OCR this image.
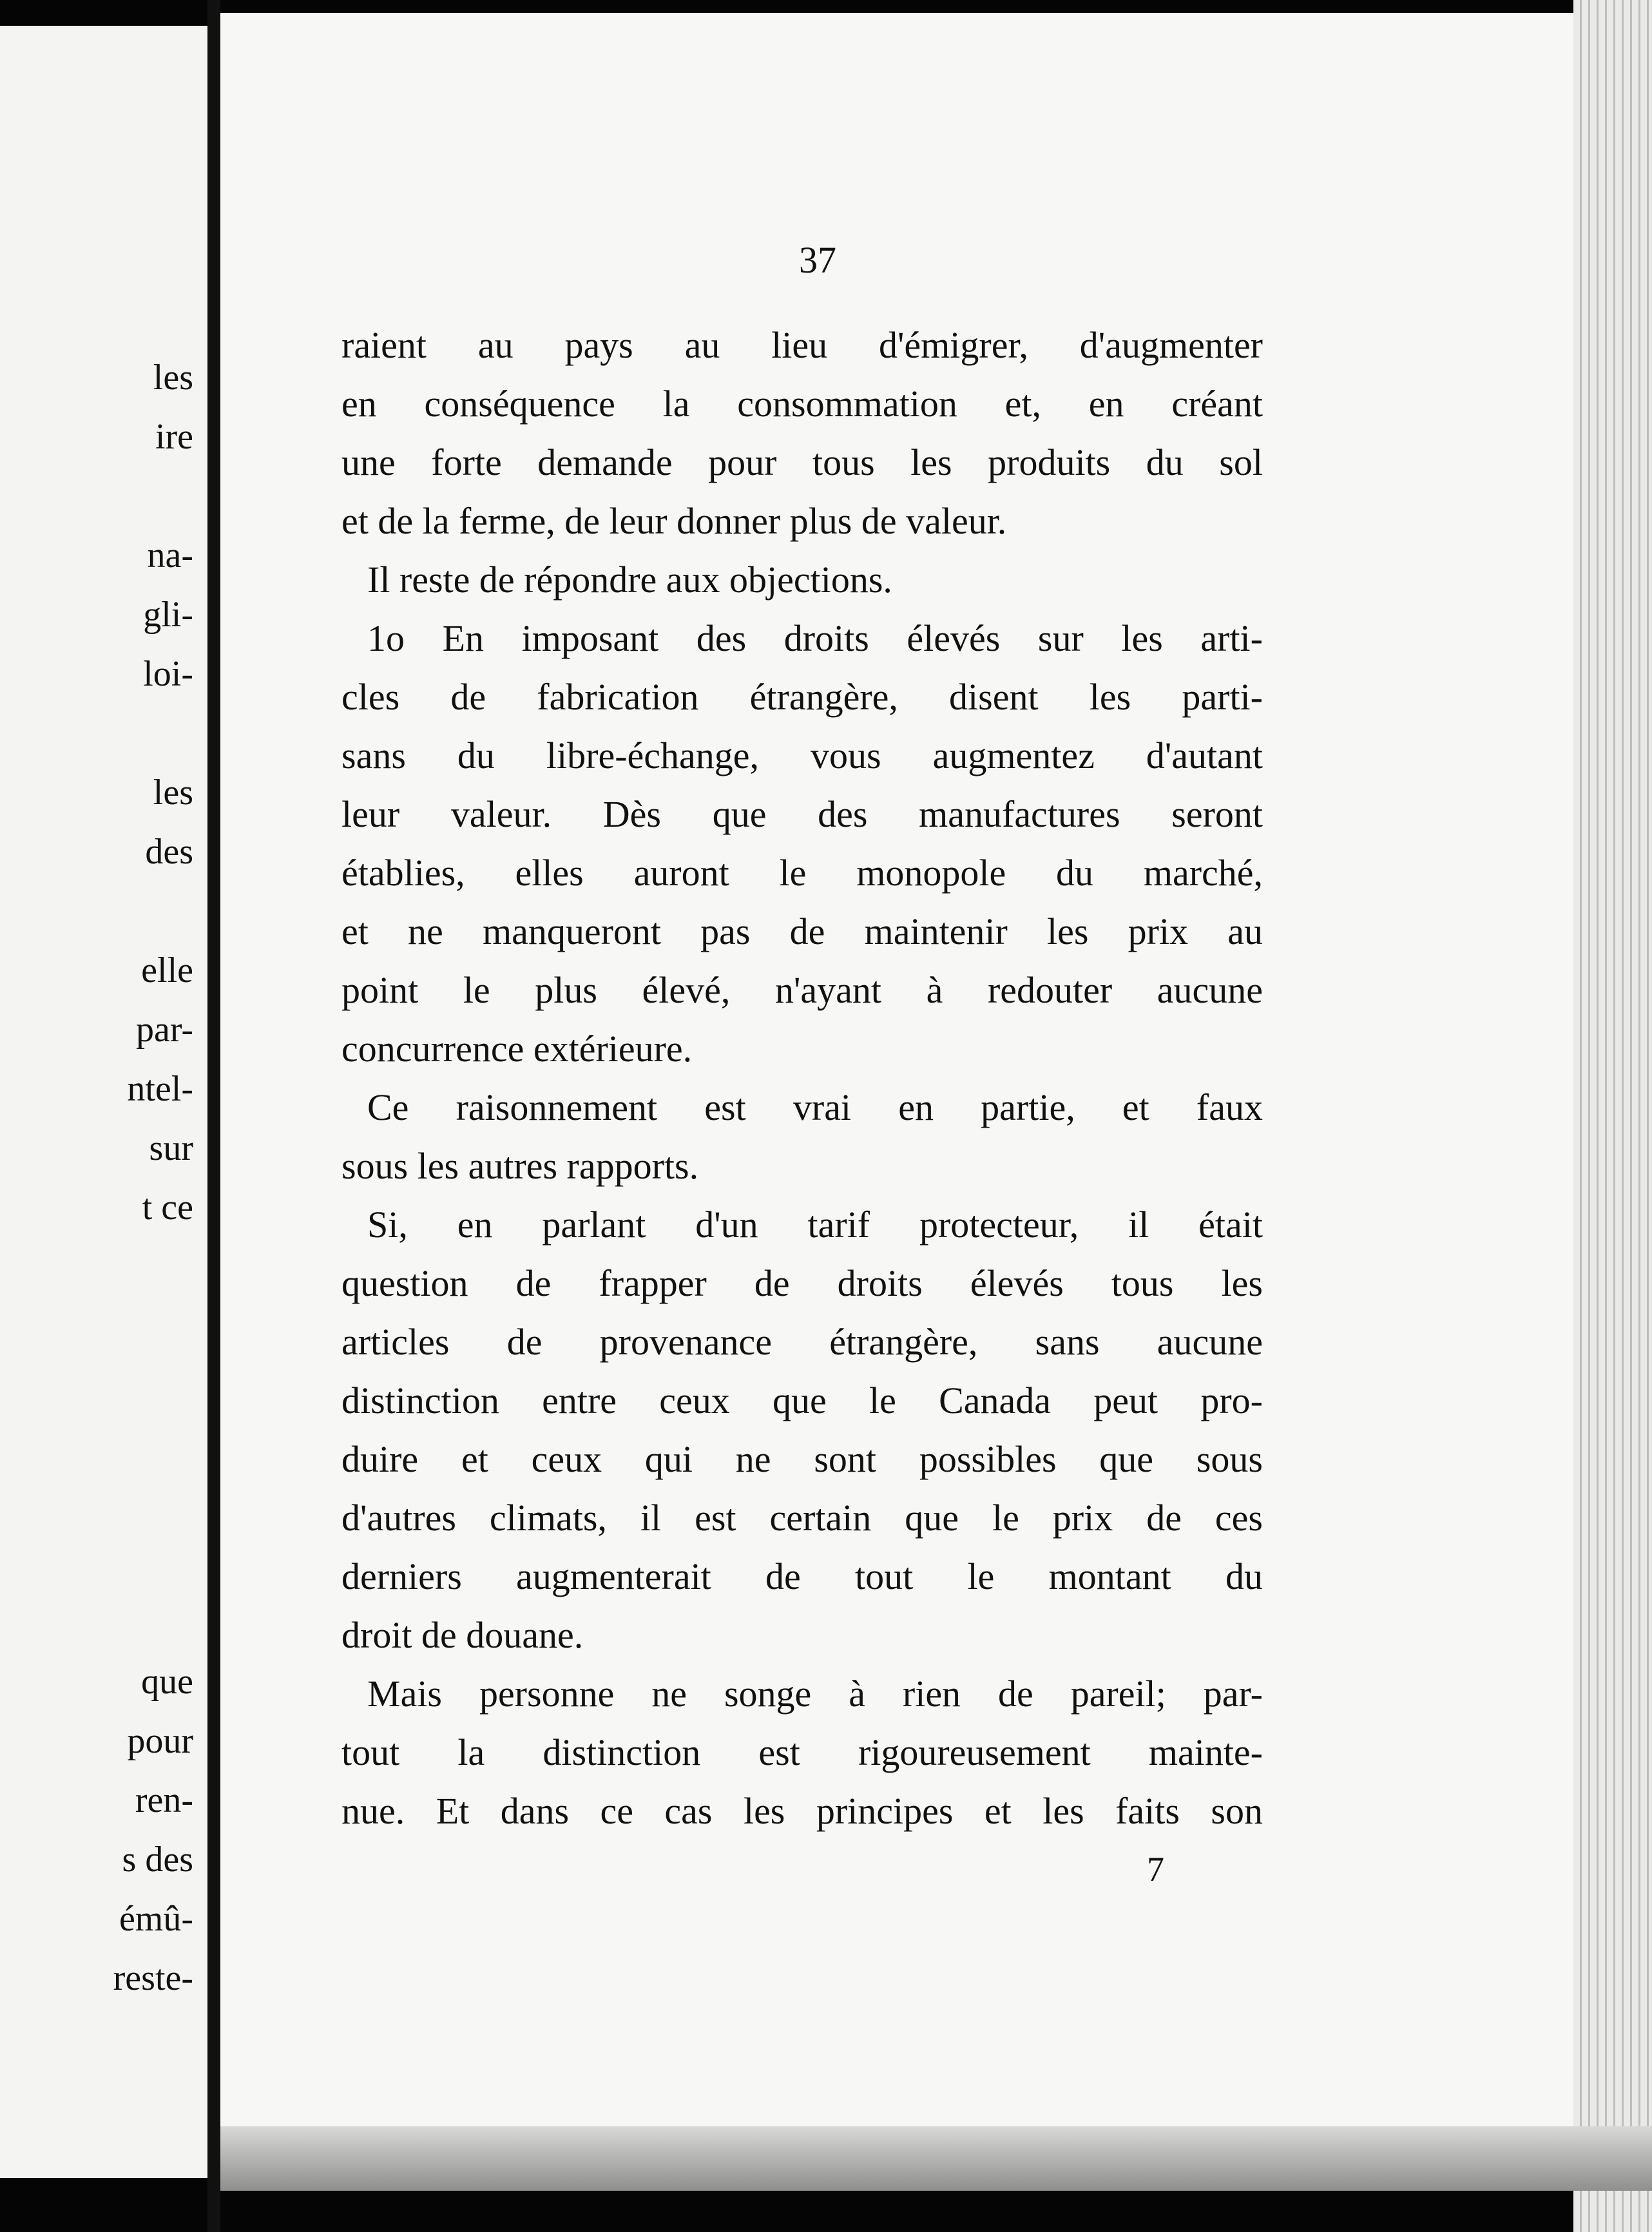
les
ire
na-
gli-
loi-
les
des
elle
par-
ntel-
sur
t ce
que
pour
ren-
s des
émû-
reste-
37
raient au pays au lieu d'émigrer, d'augmenter
en conséquence la consommation et, en créant
une forte demande pour tous les produits du sol
et de la ferme, de leur donner plus de valeur.
Il reste de répondre aux objections.
1o En imposant des droits élevés sur les arti-
cles de fabrication étrangère, disent les parti-
sans du libre-échange, vous augmentez d'autant
leur valeur. Dès que des manufactures seront
établies, elles auront le monopole du marché,
et ne manqueront pas de maintenir les prix au
point le plus élevé, n'ayant à redouter aucune
concurrence extérieure.
Ce raisonnement est vrai en partie, et faux
sous les autres rapports.
Si, en parlant d'un tarif protecteur, il était
question de frapper de droits élevés tous les
articles de provenance étrangère, sans aucune
distinction entre ceux que le Canada peut pro-
duire et ceux qui ne sont possibles que sous
d'autres climats, il est certain que le prix de ces
derniers augmenterait de tout le montant du
droit de douane.
Mais personne ne songe à rien de pareil; par-
tout la distinction est rigoureusement mainte-
nue. Et dans ce cas les principes et les faits son
7
